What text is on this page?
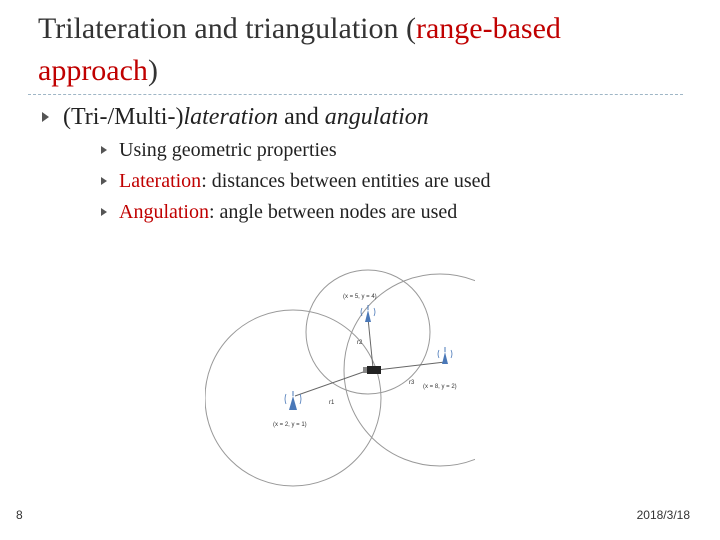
Trilateration and triangulation (range-based
approach)
(Tri-/Multi-)lateration and angulation
Using geometric properties
Lateration: distances between entities are used
Angulation: angle between nodes are used
(x = 5, y = 4)
(x = 8, y = 2)
(x = 2, y = 1)
r2
r3
r1
8	2018/3/18
